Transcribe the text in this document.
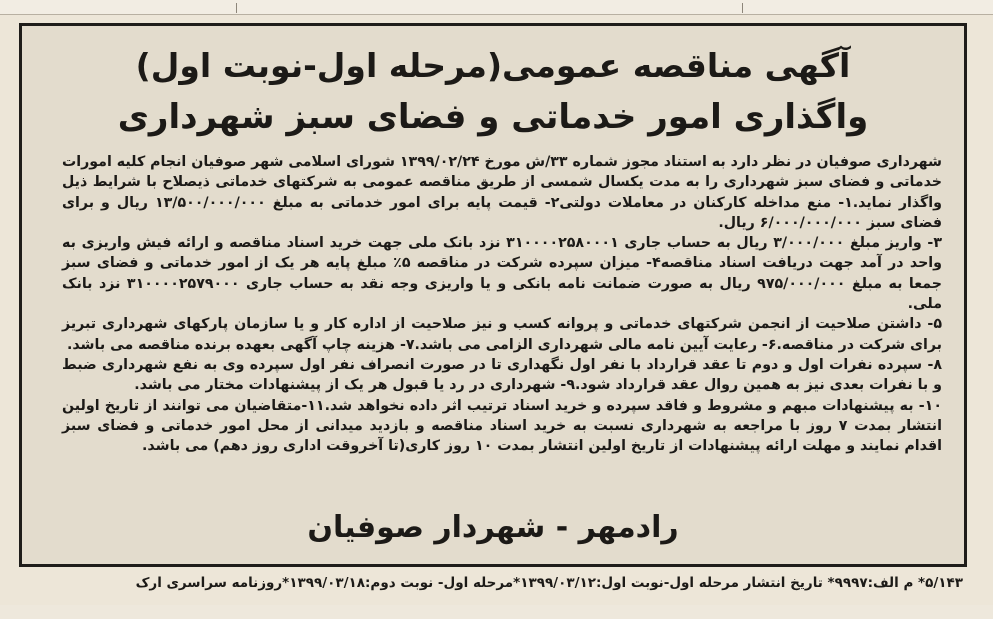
آگهی مناقصه عمومی(مرحله اول-نوبت اول)
واگذاری امور خدماتی و فضای سبز شهرداری

شهرداری صوفیان در نظر دارد به استناد مجوز شماره ۳۳/ش مورخ ۱۳۹۹/۰۲/۲۴ شورای اسلامی شهر صوفیان انجام کلیه امورات خدماتی و فضای سبز شهرداری را به مدت یکسال شمسی از طریق مناقصه عمومی به شرکتهای خدماتی ذیصلاح با شرایط ذیل واگذار نماید.۱- منع مداخله کارکنان در معاملات دولتی۲- قیمت پایه برای امور خدماتی به مبلغ ۱۳/۵۰۰/۰۰۰/۰۰۰ ریال و برای فضای سبز ۶/۰۰۰/۰۰۰/۰۰۰ ریال.

۳- واریز مبلغ ۳/۰۰۰/۰۰۰ ریال به حساب جاری ۳۱۰۰۰۰۲۵۸۰۰۰۱ نزد بانک ملی جهت خرید اسناد مناقصه و ارائه فیش واریزی به واحد در آمد جهت دریافت اسناد مناقصه۴- میزان سپرده شرکت در مناقصه ۵٪ مبلغ پایه هر یک از امور خدماتی و فضای سبز جمعا به مبلغ ۹۷۵/۰۰۰/۰۰۰ ریال به صورت ضمانت نامه بانکی و یا واریزی وجه نقد به حساب جاری ۳۱۰۰۰۰۲۵۷۹۰۰۰ نزد بانک ملی.

۵- داشتن صلاحیت از انجمن شرکتهای خدماتی و پروانه کسب و نیز صلاحیت از اداره کار و یا سازمان پارکهای شهرداری تبریز برای شرکت در مناقصه.۶- رعایت آیین نامه مالی شهرداری الزامی می باشد.۷- هزینه چاپ آگهی بعهده برنده مناقصه می باشد.

۸- سپرده نفرات اول و دوم تا عقد قرارداد با نفر اول نگهداری تا در صورت انصراف نفر اول سپرده وی به نفع شهرداری ضبط و با نفرات بعدی نیز به همین روال عقد قرارداد شود.۹- شهرداری در رد یا قبول هر یک از پیشنهادات مختار می باشد.

۱۰- به پیشنهادات مبهم و مشروط و فاقد سپرده و خرید اسناد ترتیب اثر داده نخواهد شد.۱۱-متقاضیان می توانند از تاریخ اولین انتشار بمدت ۷ روز با مراجعه به شهرداری نسبت به خرید اسناد مناقصه و بازدید میدانی از محل امور خدماتی و فضای سبز اقدام نمایند و مهلت ارائه پیشنهادات از تاریخ اولین انتشار بمدت ۱۰ روز کاری(تا آخروقت اداری روز دهم) می باشد.

رادمهر - شهردار صوفیان
۵/۱۴۳* م الف:۹۹۹۷* تاریخ انتشار مرحله اول-نوبت اول:۱۳۹۹/۰۳/۱۲*مرحله اول- نوبت دوم:۱۳۹۹/۰۳/۱۸*روزنامه سراسری ارک
